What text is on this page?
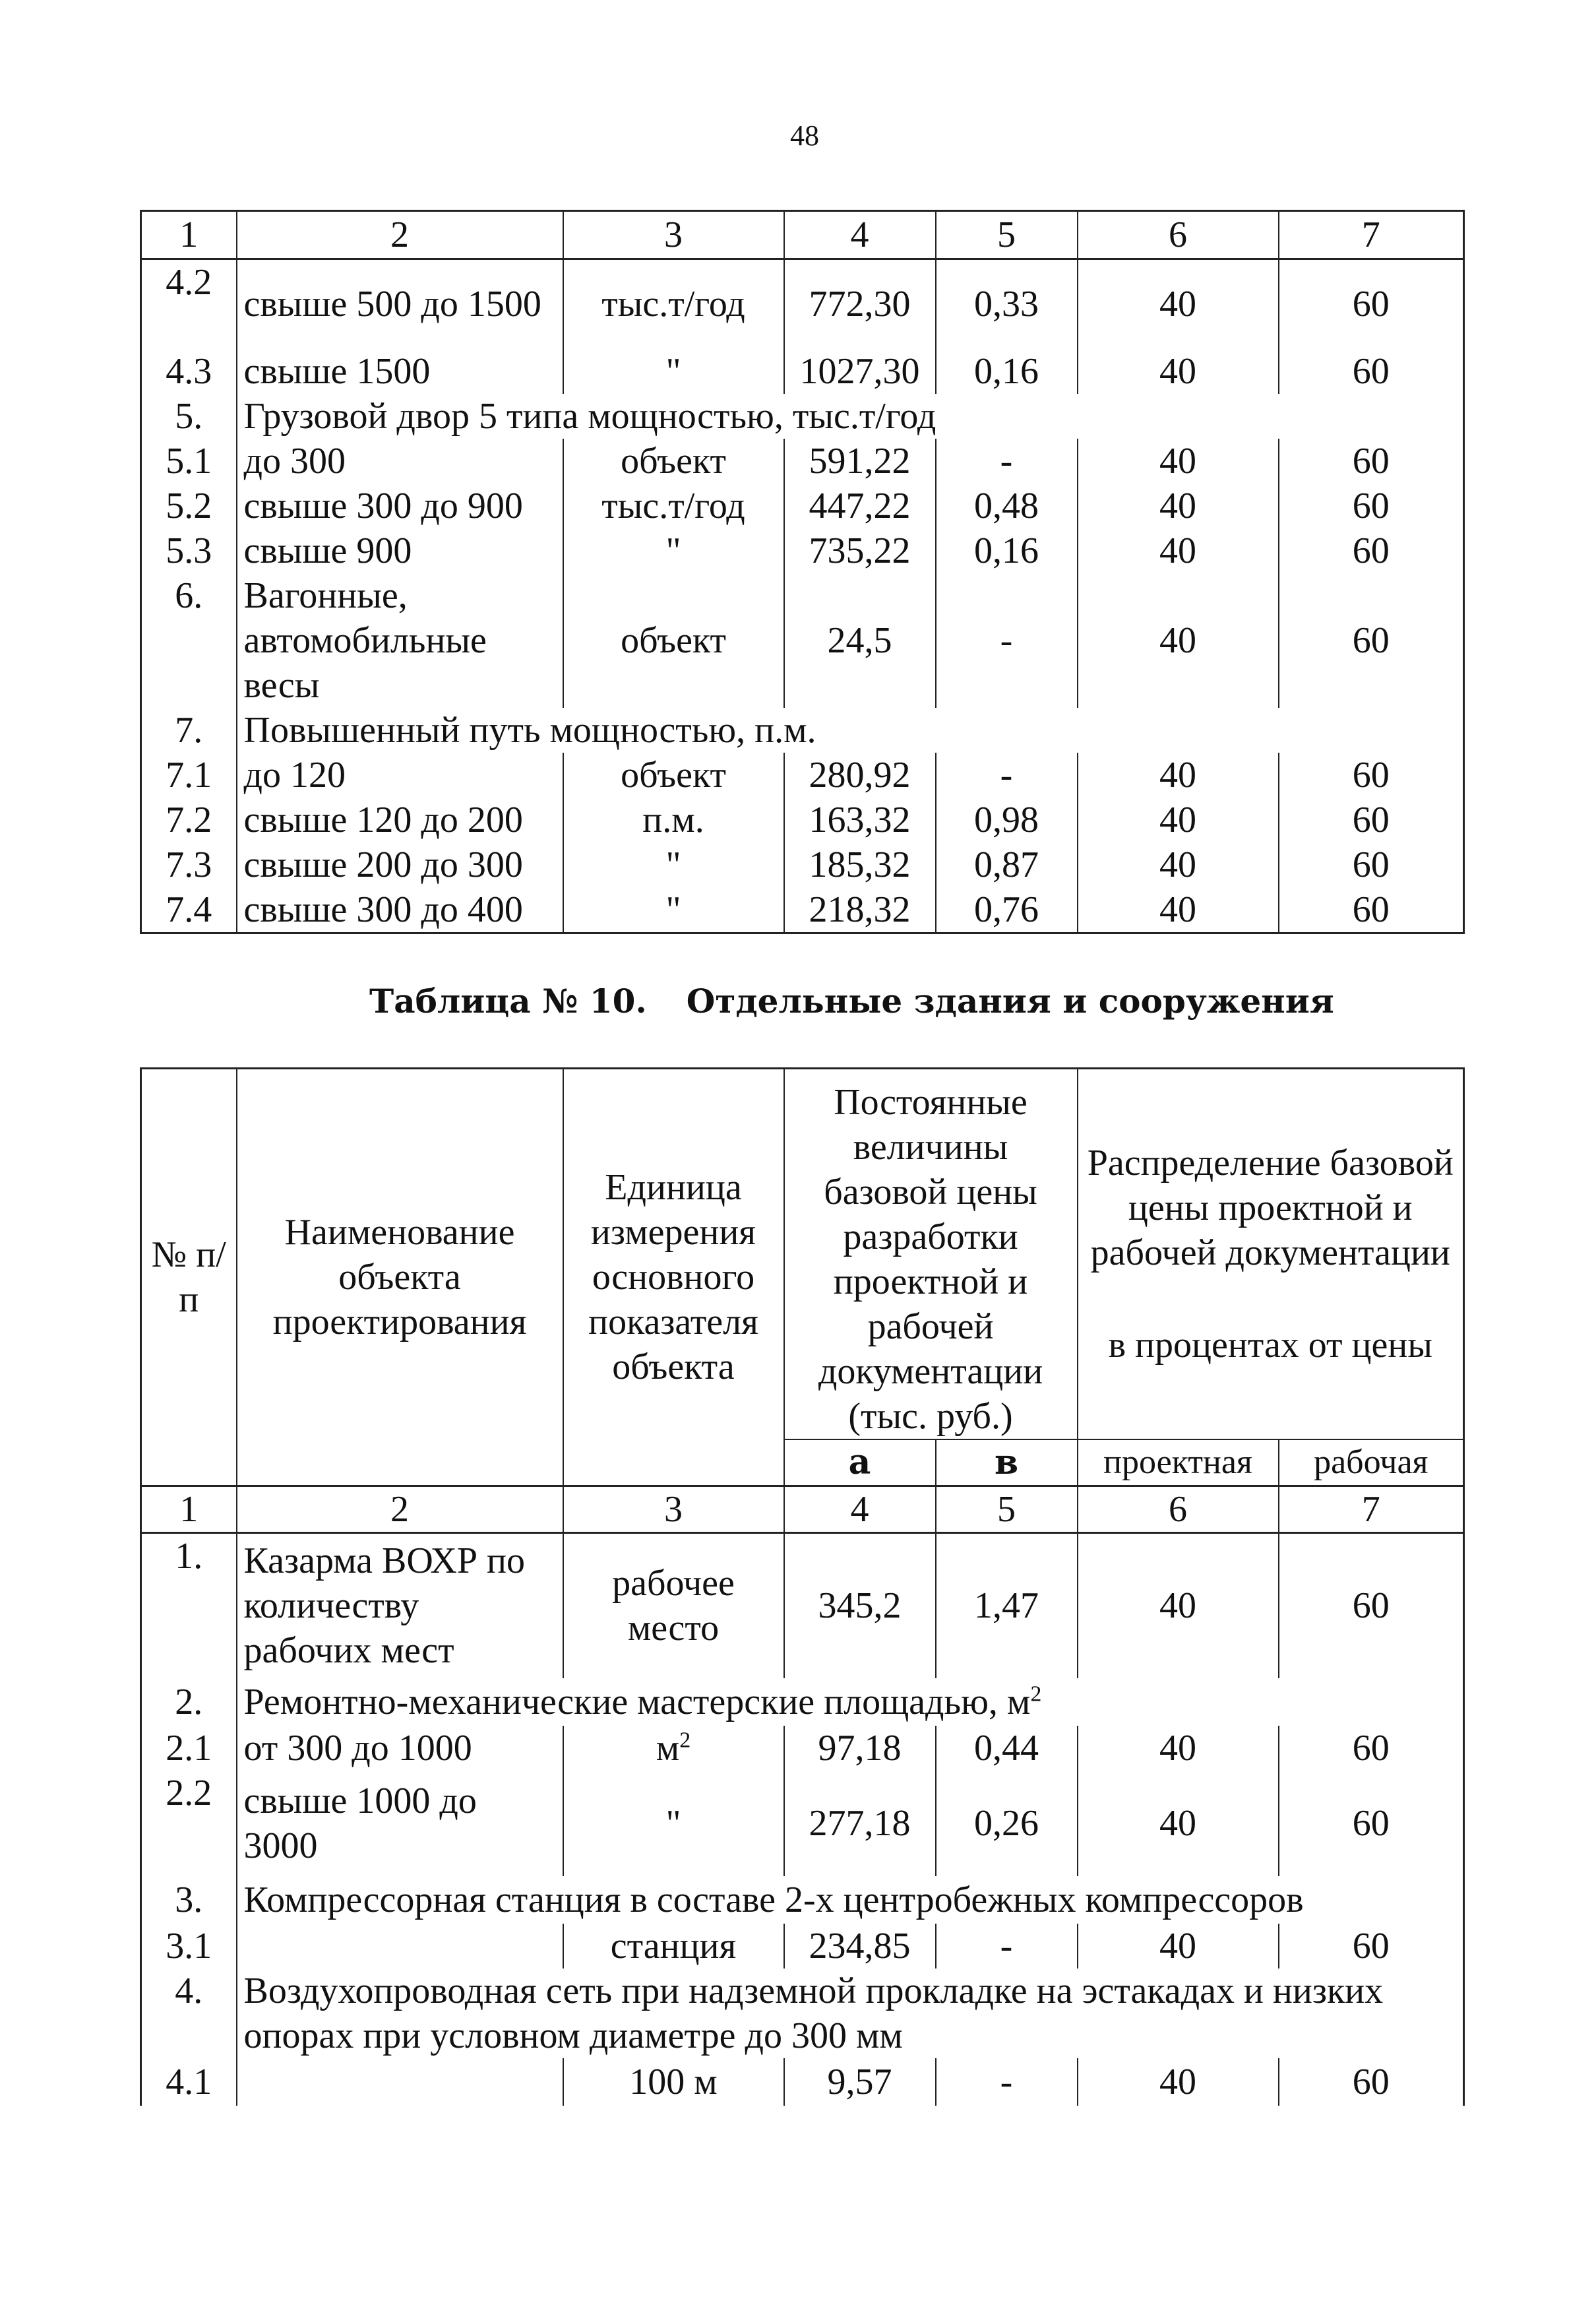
48
1	2	3	4	5	6	7
4.2	свыше 500 до 1500	тыс.т/год	772,30	0,33	40	60
4.3	свыше 1500	"	1027,30	0,16	40	60
5.	Грузовой двор 5 типа мощностью, тыс.т/год					
5.1	до 300	объект	591,22	-	40	60
5.2	свыше 300 до 900	тыс.т/год	447,22	0,48	40	60
5.3	свыше 900	"	735,22	0,16	40	60
6.	Вагонные, автомобильные весы	объект	24,5	-	40	60
7.	Повышенный путь мощностью, п.м.					
7.1	до 120	объект	280,92	-	40	60
7.2	свыше 120 до 200	п.м.	163,32	0,98	40	60
7.3	свыше 200 до 300	"	185,32	0,87	40	60
7.4	свыше 300 до 400	"	218,32	0,76	40	60
Таблица № 10. Отдельные здания и сооружения
№ п/п	Наименование объекта проектирования	Единица измерения основного показателя объекта	Постоянные величины базовой цены разработки проектной и рабочей документации (тыс. руб.)		Распределение базовой цены проектной и рабочей документации
в процентах от цены	

			а	в	проектная	рабочая
1	2	3	4	5	6	7
1.	Казарма ВОХР по количеству рабочих мест	рабочее место	345,2	1,47	40	60
2.	Ремонтно-механические мастерские площадью, $м^2$
2.1	от 300 до 1000	$м^2$	97,18	0,44	40	60
2.2	свыше 1000 до 3000	"	277,18	0,26	40	60
3.	Компрессорная станция в составе 2-х центробежных компрессоров					
3.1		станция	234,85	-	40	60
4.	Воздухопроводная сеть при надземной прокладке на эстакадах и низких опорах при условном диаметре до 300 мм					
4.1		100 м	9,57	-	40	60
